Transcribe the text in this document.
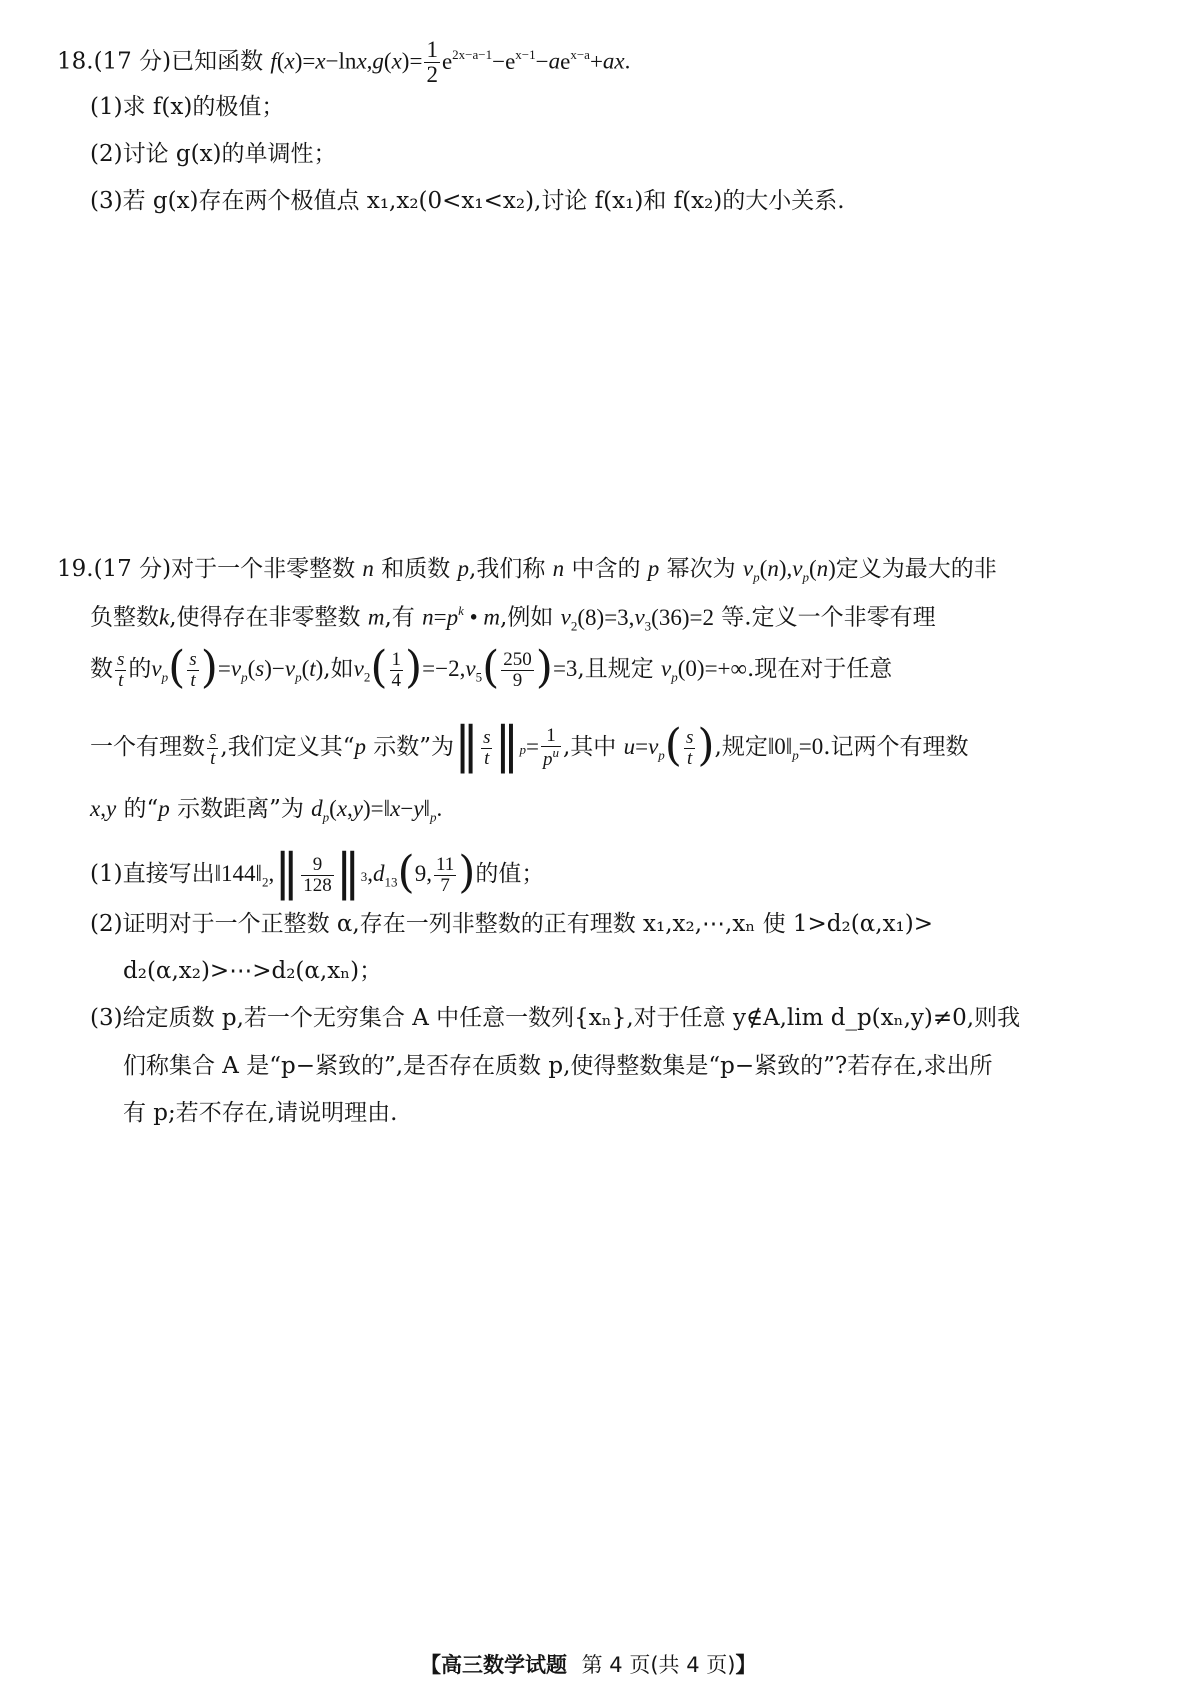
18.(17 分)已知函数 $f(x)=x-\ln x,g(x)= \frac{1}{2} e^{2x-a-1}-e^{x-1}-ae^{x-a}+ax$.
(1)求 f(x)的极值；
(2)讨论 g(x)的单调性；
(3)若 g(x)存在两个极值点 x₁,x₂(0<x₁<x₂),讨论 f(x₁)和 f(x₂)的大小关系.
19.(17 分)对于一个非零整数 n 和质数 p,我们称 n 中含的 p 幂次为 $v_p(n),v_p(n)$定义为最大的非
负整数k,使得存在非零整数 m,有 $n=p^k$ • m,例如 $v_2(8)=3,v_3(36)=2$ 等.定义一个非零有理
数 $\frac{s}{t}$ 的$v_p( \frac{s}{t} )=v_p(s)-v_p(t)$,如$v_2( \frac{1}{4} )=-2,v_5( \frac{250}{9} )=3$,且规定 $v_p(0)=+\infty$.现在对于任意
一个有理数 $\frac{s}{t}$ ,我们定义其“p 示数”为‖ $\frac{s}{t}$ ‖p= $\frac{1}{p^u}$ ,其中 $u=v_p( \frac{s}{t}$ ),规定$‖0‖_p=0$.记两个有理数
x,y 的“p 示数距离”为 $d_p(x,y)=‖x-y‖_p$.
(1)直接写出$‖144‖_2,‖ \frac{9}{128}$ $‖3,d_{13}(9$, $\frac{11}{7}$ )的值；
(2)证明对于一个正整数 α,存在一列非整数的正有理数 x₁,x₂,⋯,xₙ 使 1>d₂(α,x₁)>
d₂(α,x₂)>⋯>d₂(α,xₙ)；
(3)给定质数 p,若一个无穷集合 A 中任意一数列{xₙ},对于任意 y∉A,lim d_p(xₙ,y)≠0,则我
们称集合 A 是“p−紧致的”,是否存在质数 p,使得整数集是“p−紧致的”?若存在,求出所
有 p;若不存在,请说明理由.
【高三数学试题 第 4 页(共 4 页)】
